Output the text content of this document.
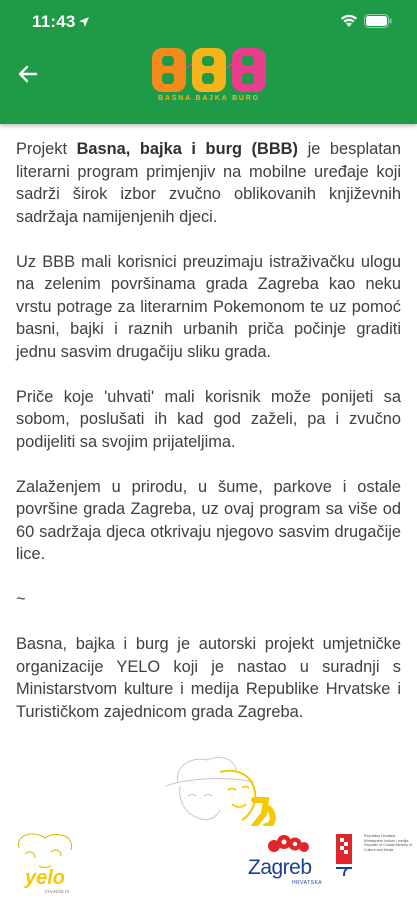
11:43
BASNA BAJKA BURG

Projekt Basna, bajka i burg (BBB) je besplatan literarni program primjenjiv na mobilne uređaje koji sadrži širok izbor zvučno oblikovanih književnih sadržaja namijenjenih djeci.

Uz BBB mali korisnici preuzimaju istraživačku ulogu na zelenim površinama grada Zagreba kao neku vrstu potrage za literarnim Pokemonom te uz pomoć basni, bajki i raznih urbanih priča počinje graditi jednu sasvim drugačiju sliku grada.

Priče koje 'uhvati' mali korisnik može ponijeti sa sobom, poslušati ih kad god zaželi, pa i zvučno podijeliti sa svojim prijateljima.

Zalaženjem u prirodu, u šume, parkove i ostale površine grada Zagreba, uz ovaj program sa više od 60 sadržaja djeca otkrivaju njegovo sasvim drugačije lice.

~

Basna, bajka i burg je autorski projekt umjetničke organizacije YELO koji je nastao u suradnji s Ministarstvom kulture i medija Republike Hrvatske i Turističkom zajednicom grada Zagreba.

yelo
CHANGE IS
Zagreb
HRVATSKA
Republika Hrvatska Ministarstvo kulture i medija Republic of Croatia Ministry of Culture and Media
